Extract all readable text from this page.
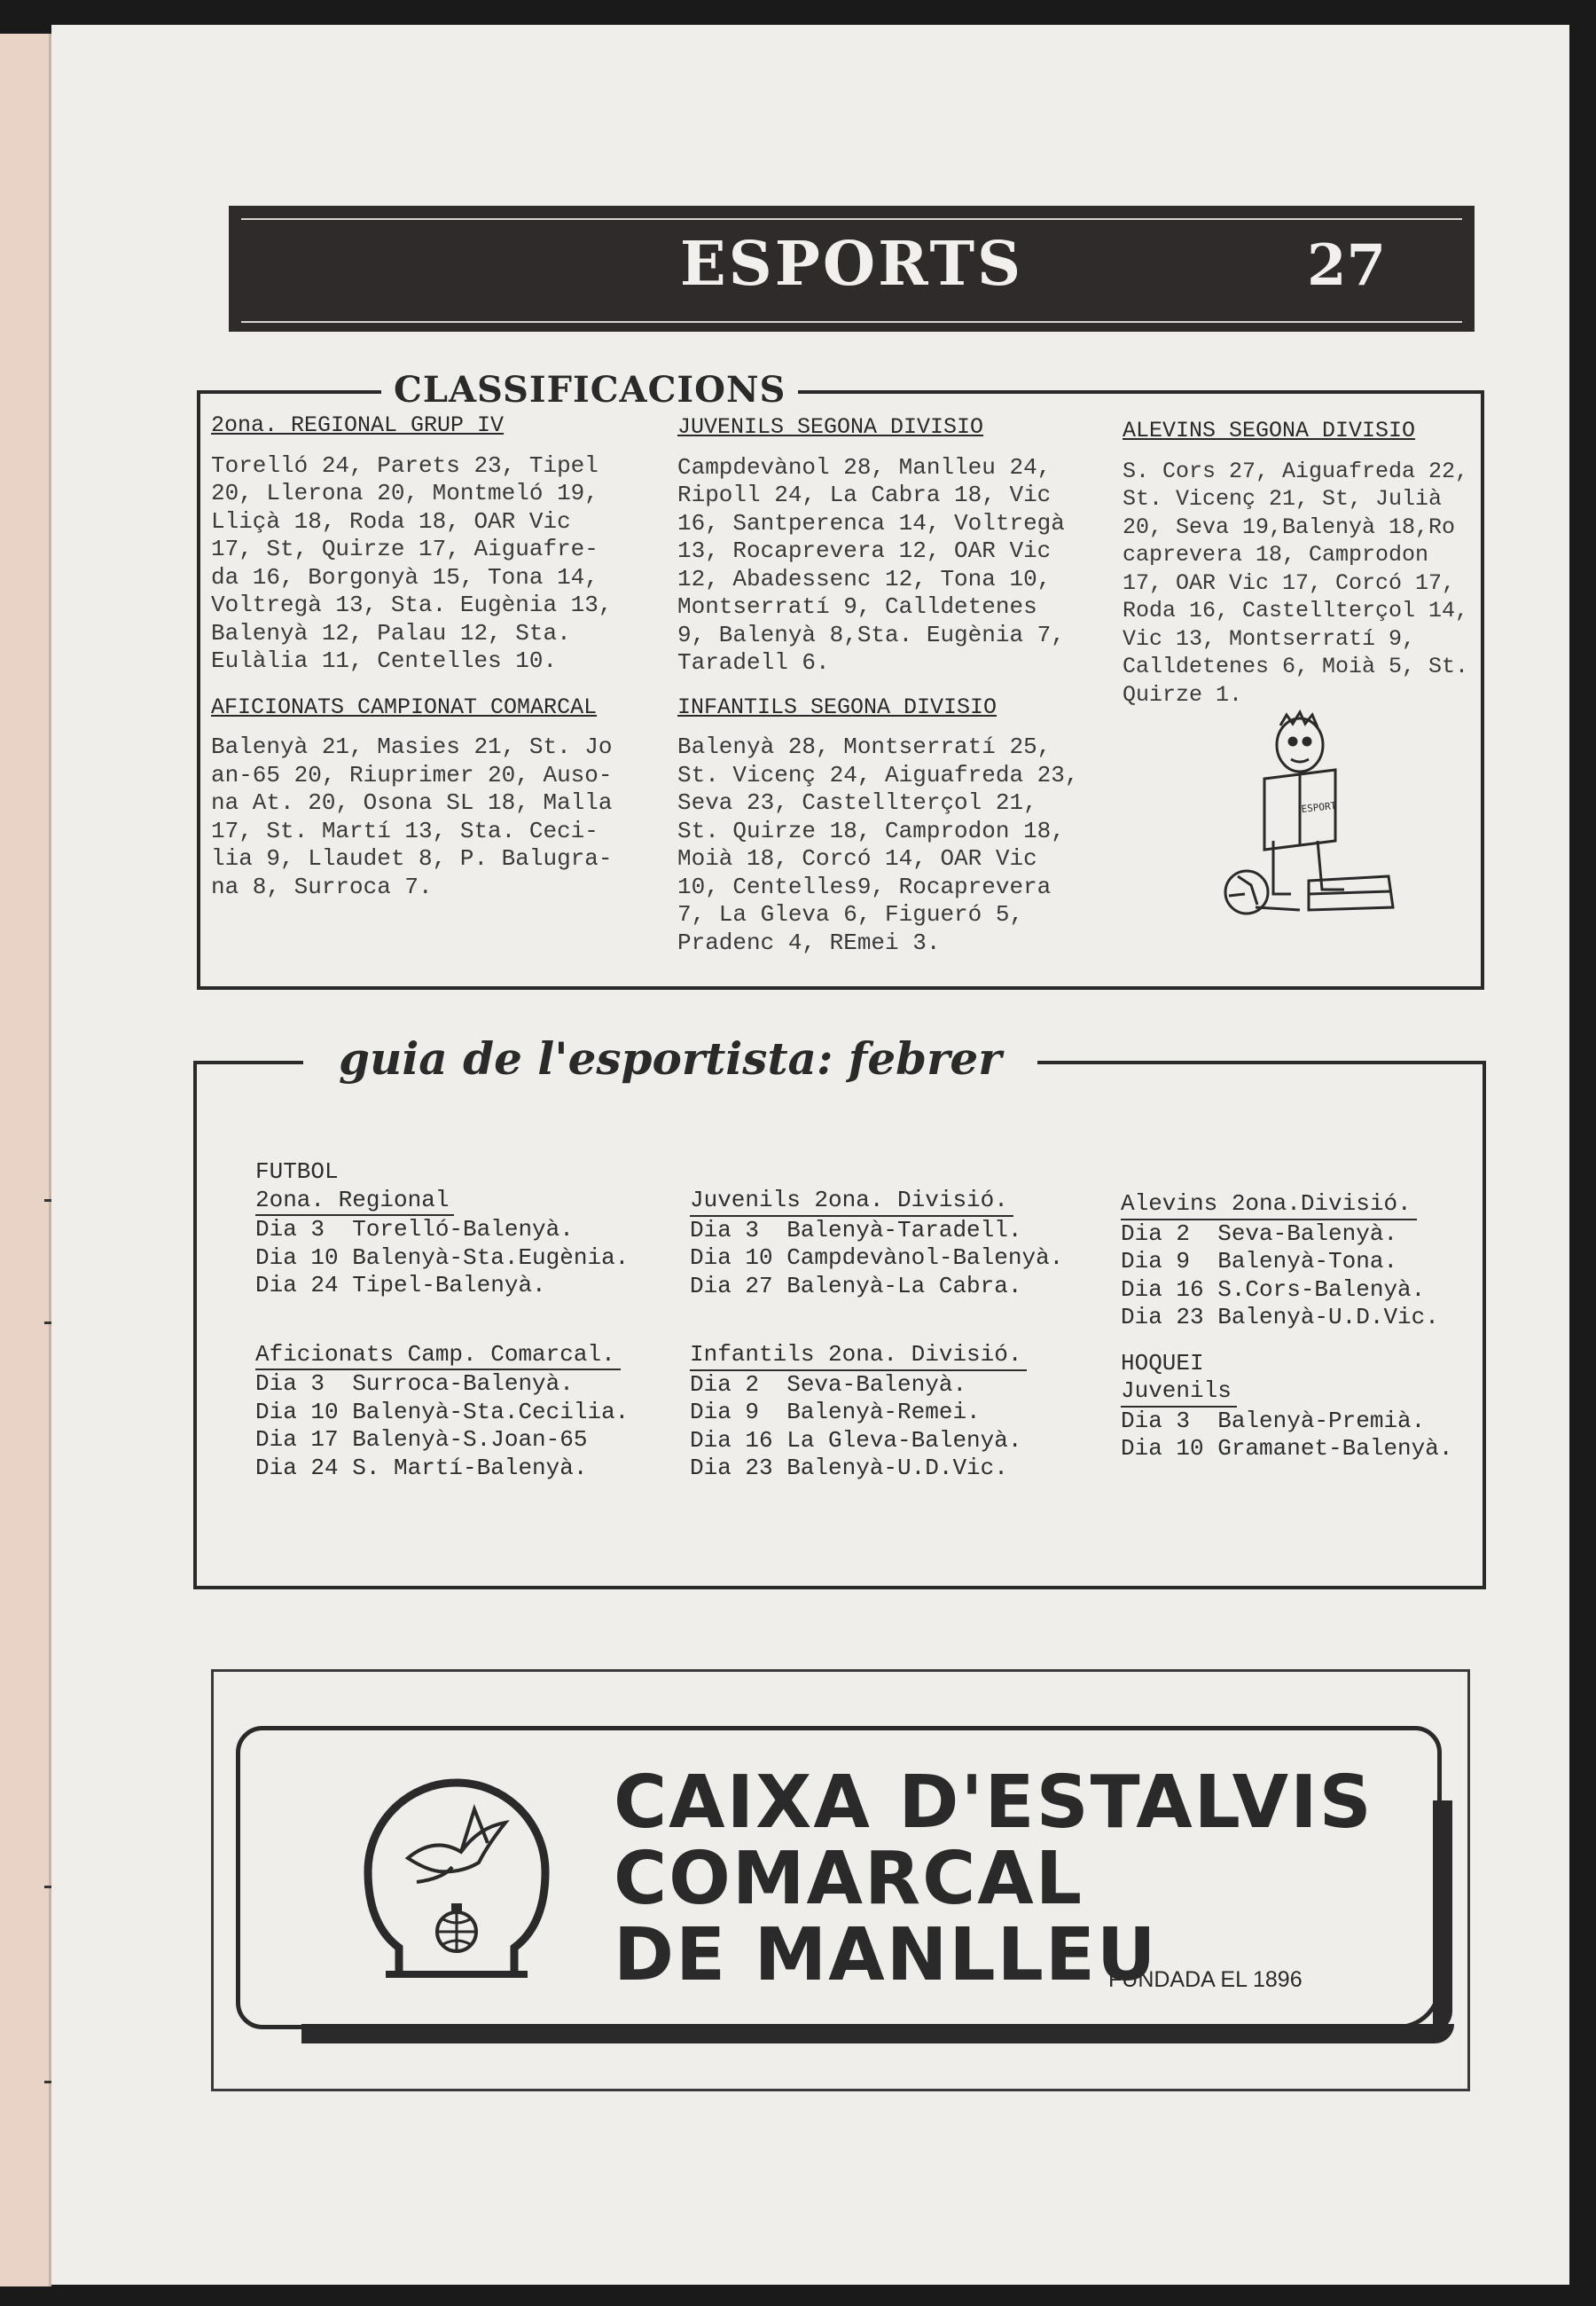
ESPORTS	27
CLASSIFICACIONS
2ona. REGIONAL GRUP IV

Torelló 24, Parets 23, Tipel
20, Llerona 20, Montmeló 19,
Lliçà 18, Roda 18, OAR Vic
17, St, Quirze 17, Aiguafre-
da 16, Borgonyà 15, Tona 14,
Voltregà 13, Sta. Eugènia 13,
Balenyà 12, Palau 12, Sta.
Eulàlia 11, Centelles 10.

AFICIONATS CAMPIONAT COMARCAL

Balenyà 21, Masies 21, St. Jo
an-65 20, Riuprimer 20, Auso-
na At. 20, Osona SL 18, Malla
17, St. Martí 13, Sta. Ceci-
lia 9, Llaudet 8, P. Balugra-
na 8, Surroca 7.

JUVENILS SEGONA DIVISIO

Campdevànol 28, Manlleu 24,
Ripoll 24, La Cabra 18, Vic
16, Santperenca 14, Voltregà
13, Rocaprevera 12, OAR Vic
12, Abadessenc 12, Tona 10,
Montserratí 9, Calldetenes
9, Balenyà 8,Sta. Eugènia 7,
Taradell 6.

INFANTILS SEGONA DIVISIO

Balenyà 28, Montserratí 25,
St. Vicenç 24, Aiguafreda 23,
Seva 23, Castellterçol 21,
St. Quirze 18, Camprodon 18,
Moià 18, Corcó 14, OAR Vic
10, Centelles9, Rocaprevera
7, La Gleva 6, Figueró 5,
Pradenc 4, REmei 3.

ALEVINS SEGONA DIVISIO

S. Cors 27, Aiguafreda 22,
St. Vicenç 21, St, Julià
20, Seva 19,Balenyà 18,Ro
caprevera 18, Camprodon
17, OAR Vic 17, Corcó 17,
Roda 16, Castellterçol 14,
Vic 13, Montserratí 9,
Calldetenes 6, Moià 5, St.
Quirze 1.

ESPORT
guia de l'esportista: febrer
FUTBOL
2ona. Regional
Dia 3  Torelló-Balenyà.
Dia 10 Balenyà-Sta.Eugènia.
Dia 24 Tipel-Balenyà.
Aficionats Camp. Comarcal.
Dia 3  Surroca-Balenyà.
Dia 10 Balenyà-Sta.Cecilia.
Dia 17 Balenyà-S.Joan-65
Dia 24 S. Martí-Balenyà.
Juvenils 2ona. Divisió.
Dia 3  Balenyà-Taradell.
Dia 10 Campdevànol-Balenyà.
Dia 27 Balenyà-La Cabra.
Infantils 2ona. Divisió.
Dia 2  Seva-Balenyà.
Dia 9  Balenyà-Remei.
Dia 16 La Gleva-Balenyà.
Dia 23 Balenyà-U.D.Vic.
Alevins 2ona.Divisió.
Dia 2  Seva-Balenyà.
Dia 9  Balenyà-Tona.
Dia 16 S.Cors-Balenyà.
Dia 23 Balenyà-U.D.Vic.
HOQUEI
Juvenils
Dia 3  Balenyà-Premià.
Dia 10 Gramanet-Balenyà.
CAIXA D'ESTALVIS
COMARCAL
DE MANLLEU
FUNDADA EL 1896
